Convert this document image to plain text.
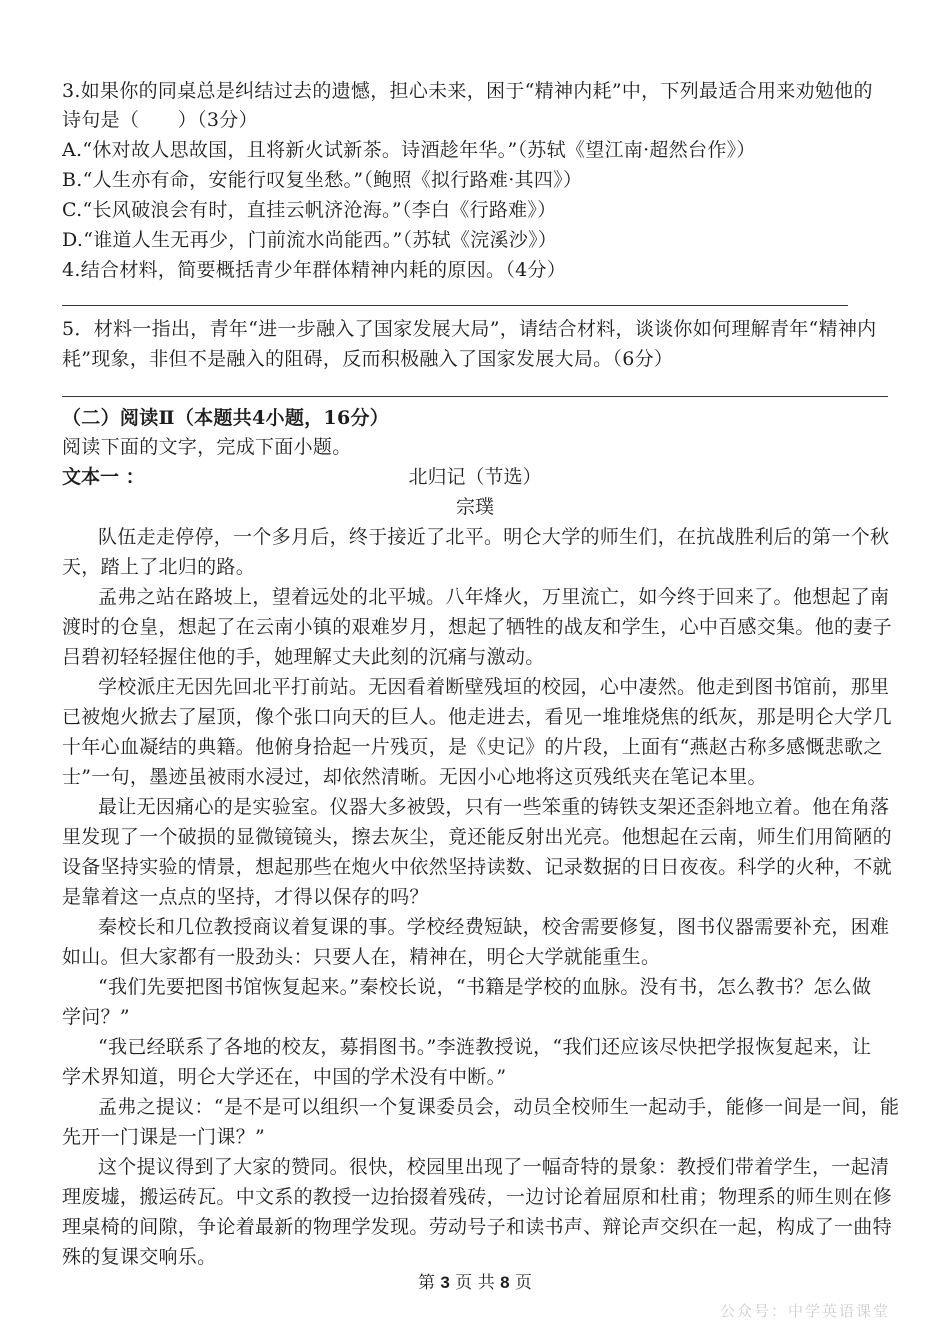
3.如果你的同桌总是纠结过去的遗憾，担心未来，困于“精神内耗”中，下列最适合用来劝勉他的
诗句是（　　）（3分）
A.“休对故人思故国，且将新火试新茶。诗酒趁年华。”（苏轼《望江南·超然台作》）
B.“人生亦有命，安能行叹复坐愁。”（鲍照《拟行路难·其四》）
C.“长风破浪会有时，直挂云帆济沧海。”（李白《行路难》）
D.“谁道人生无再少，门前流水尚能西。”（苏轼《浣溪沙》）
4.结合材料，简要概括青少年群体精神内耗的原因。（4分）
5．材料一指出，青年“进一步融入了国家发展大局”，请结合材料，谈谈你如何理解青年“精神内
耗”现象，非但不是融入的阻碍，反而积极融入了国家发展大局。（6分）
（二）阅读Ⅱ（本题共4小题，16分）
阅读下面的文字，完成下面小题。
文本一 ：	北归记（节选）
宗璞
队伍走走停停，一个多月后，终于接近了北平。明仑大学的师生们，在抗战胜利后的第一个秋
天，踏上了北归的路。
孟弗之站在路坡上，望着远处的北平城。八年烽火，万里流亡，如今终于回来了。他想起了南
渡时的仓皇，想起了在云南小镇的艰难岁月，想起了牺牲的战友和学生，心中百感交集。他的妻子
吕碧初轻轻握住他的手，她理解丈夫此刻的沉痛与激动。
学校派庄无因先回北平打前站。无因看着断壁残垣的校园，心中凄然。他走到图书馆前，那里
已被炮火掀去了屋顶，像个张口向天的巨人。他走进去，看见一堆堆烧焦的纸灰，那是明仑大学几
十年心血凝结的典籍。他俯身拾起一片残页，是《史记》的片段，上面有“燕赵古称多感慨悲歌之
士”一句，墨迹虽被雨水浸过，却依然清晰。无因小心地将这页残纸夹在笔记本里。
最让无因痛心的是实验室。仪器大多被毁，只有一些笨重的铸铁支架还歪斜地立着。他在角落
里发现了一个破损的显微镜镜头，擦去灰尘，竟还能反射出光亮。他想起在云南，师生们用简陋的
设备坚持实验的情景，想起那些在炮火中依然坚持读数、记录数据的日日夜夜。科学的火种，不就
是靠着这一点点的坚持，才得以保存的吗？
秦校长和几位教授商议着复课的事。学校经费短缺，校舍需要修复，图书仪器需要补充，困难
如山。但大家都有一股劲头：只要人在，精神在，明仑大学就能重生。
“我们先要把图书馆恢复起来。”秦校长说，“书籍是学校的血脉。没有书，怎么教书？怎么做
学问？”
“我已经联系了各地的校友，募捐图书。”李涟教授说，“我们还应该尽快把学报恢复起来，让
学术界知道，明仑大学还在，中国的学术没有中断。”
孟弗之提议：“是不是可以组织一个复课委员会，动员全校师生一起动手，能修一间是一间，能
先开一门课是一门课？”
这个提议得到了大家的赞同。很快，校园里出现了一幅奇特的景象：教授们带着学生，一起清
理废墟，搬运砖瓦。中文系的教授一边抬掇着残砖，一边讨论着屈原和杜甫；物理系的师生则在修
理桌椅的间隙，争论着最新的物理学发现。劳动号子和读书声、辩论声交织在一起，构成了一曲特
殊的复课交响乐。
第 3 页 共 8 页
公众号：中学英语课堂
